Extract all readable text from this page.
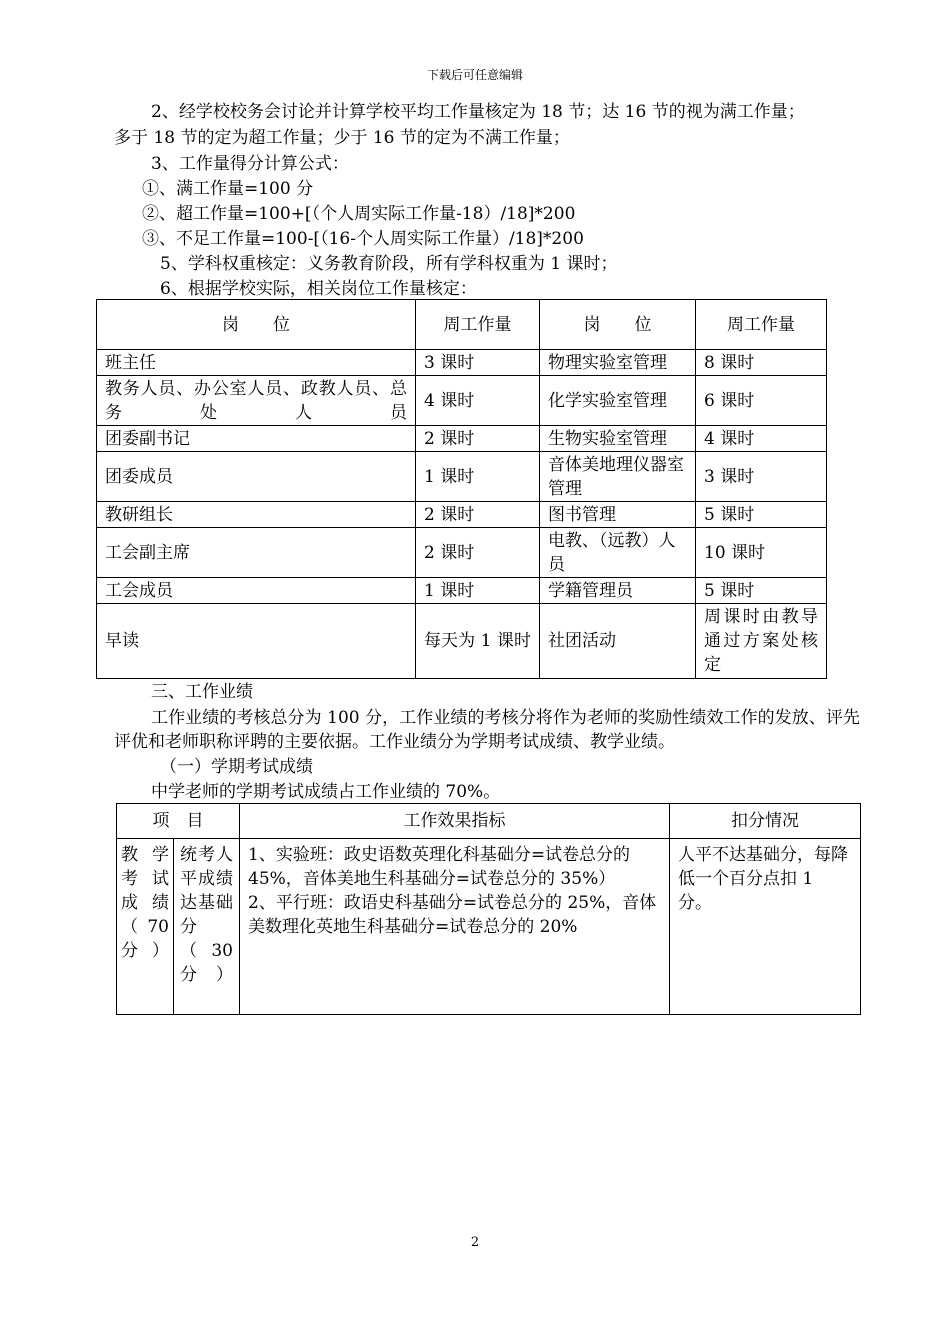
下载后可任意编辑
2、经学校校务会讨论并计算学校平均工作量核定为 18 节；达 16 节的视为满工作量；
多于 18 节的定为超工作量；少于 16 节的定为不满工作量；
3、工作量得分计算公式：
①、满工作量=100 分
②、超工作量=100+[（个人周实际工作量-18）/18]*200
③、不足工作量=100-[（16-个人周实际工作量）/18]*200
5、学科权重核定：义务教育阶段，所有学科权重为 1 课时；
6、根据学校实际，相关岗位工作量核定：
岗　　位	周工作量	岗　　位	周工作量
班主任	3 课时	物理实验室管理	8 课时
教务人员、办公室人员、政教人员、总务处人员	4 课时	化学实验室管理	6 课时
团委副书记	2 课时	生物实验室管理	4 课时
团委成员	1 课时	音体美地理仪器室管理	3 课时
教研组长	2 课时	图书管理	5 课时
工会副主席	2 课时	电教、（远教）人员	10 课时
工会成员	1 课时	学籍管理员	5 课时
早读	每天为 1 课时	社团活动	周课时由教导通过方案处核定
三、工作业绩
工作业绩的考核总分为 100 分，工作业绩的考核分将作为老师的奖励性绩效工作的发放、评先评优和老师职称评聘的主要依据。工作业绩分为学期考试成绩、教学业绩。
（一）学期考试成绩
中学老师的学期考试成绩占工作业绩的 70%。
项　目		工作效果指标	扣分情况
教学考试成绩（70分）	统考人平成绩达基础分（30分）	1、实验班：政史语数英理化科基础分=试卷总分的 45%，音体美地生科基础分=试卷总分的 35%）
2、平行班：政语史科基础分=试卷总分的 25%，音体美数理化英地生科基础分=试卷总分的 20%	人平不达基础分，每降低一个百分点扣 1 分。
2
